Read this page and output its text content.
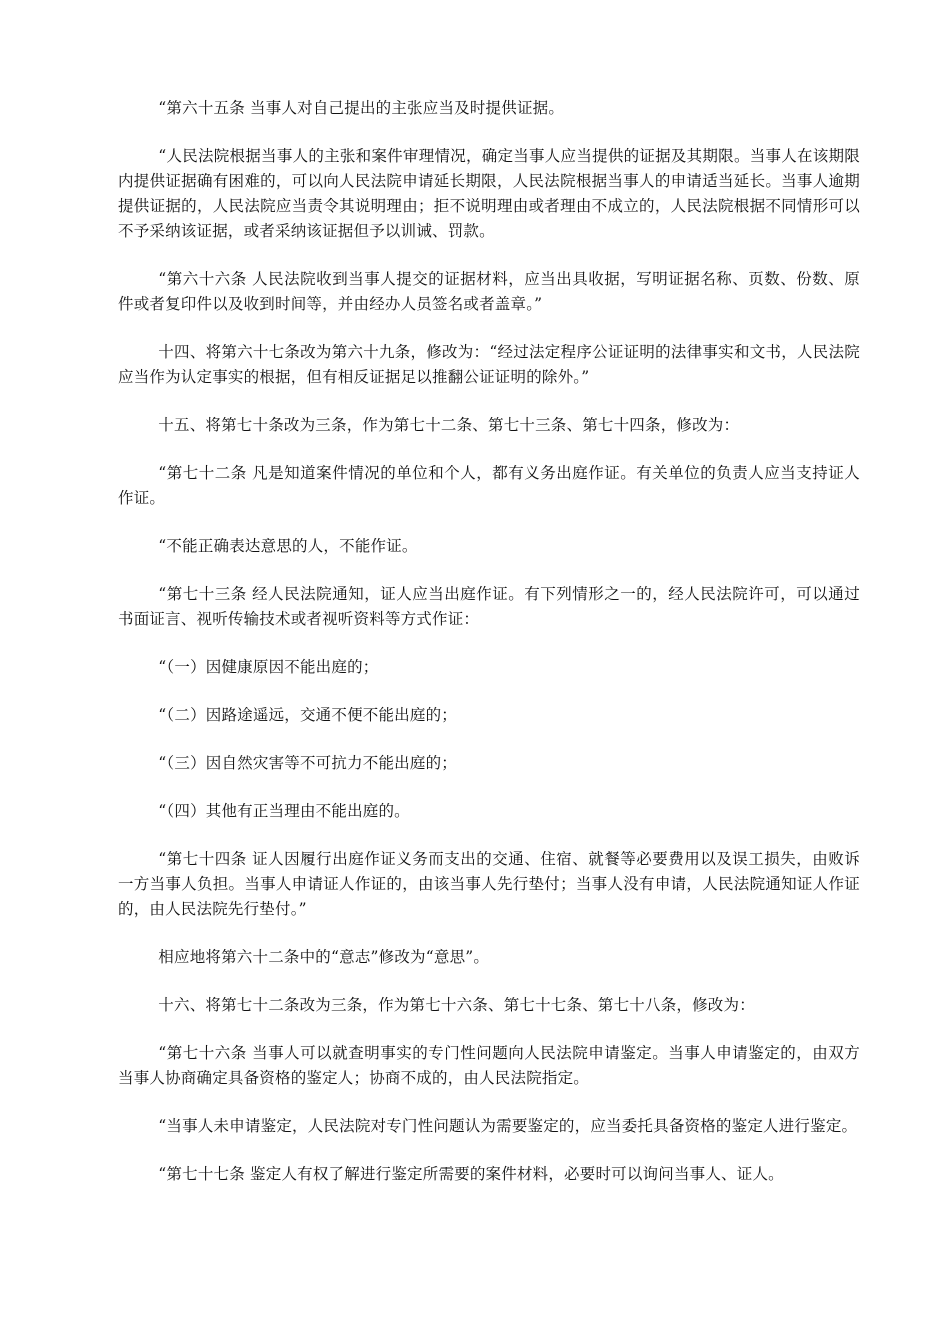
“第六十五条 当事人对自己提出的主张应当及时提供证据。

“人民法院根据当事人的主张和案件审理情况，确定当事人应当提供的证据及其期限。当事人在该期限内提供证据确有困难的，可以向人民法院申请延长期限，人民法院根据当事人的申请适当延长。当事人逾期提供证据的，人民法院应当责令其说明理由；拒不说明理由或者理由不成立的，人民法院根据不同情形可以不予采纳该证据，或者采纳该证据但予以训诫、罚款。

“第六十六条 人民法院收到当事人提交的证据材料，应当出具收据，写明证据名称、页数、份数、原件或者复印件以及收到时间等，并由经办人员签名或者盖章。”

十四、将第六十七条改为第六十九条，修改为：“经过法定程序公证证明的法律事实和文书，人民法院应当作为认定事实的根据，但有相反证据足以推翻公证证明的除外。”

十五、将第七十条改为三条，作为第七十二条、第七十三条、第七十四条，修改为：

“第七十二条 凡是知道案件情况的单位和个人，都有义务出庭作证。有关单位的负责人应当支持证人作证。

“不能正确表达意思的人，不能作证。

“第七十三条 经人民法院通知，证人应当出庭作证。有下列情形之一的，经人民法院许可，可以通过书面证言、视听传输技术或者视听资料等方式作证：

“（一）因健康原因不能出庭的；

“（二）因路途遥远，交通不便不能出庭的；

“（三）因自然灾害等不可抗力不能出庭的；

“（四）其他有正当理由不能出庭的。

“第七十四条 证人因履行出庭作证义务而支出的交通、住宿、就餐等必要费用以及误工损失，由败诉一方当事人负担。当事人申请证人作证的，由该当事人先行垫付；当事人没有申请，人民法院通知证人作证的，由人民法院先行垫付。”

相应地将第六十二条中的“意志”修改为“意思”。

十六、将第七十二条改为三条，作为第七十六条、第七十七条、第七十八条，修改为：

“第七十六条 当事人可以就查明事实的专门性问题向人民法院申请鉴定。当事人申请鉴定的，由双方当事人协商确定具备资格的鉴定人；协商不成的，由人民法院指定。

“当事人未申请鉴定，人民法院对专门性问题认为需要鉴定的，应当委托具备资格的鉴定人进行鉴定。

“第七十七条 鉴定人有权了解进行鉴定所需要的案件材料，必要时可以询问当事人、证人。
